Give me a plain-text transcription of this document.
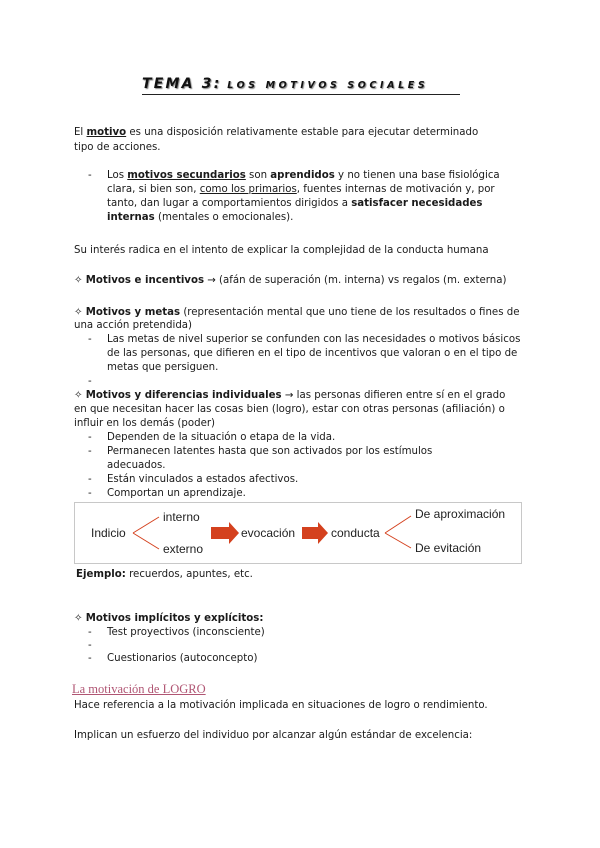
TEMA 3: LOS MOTIVOS SOCIALES
El motivo es una disposición relativamente estable para ejecutar determinado
tipo de acciones.
-	Los motivos secundarios son aprendidos y no tienen una base fisiológica
clara, si bien son, como los primarios, fuentes internas de motivación y, por
tanto, dan lugar a comportamientos dirigidos a satisfacer necesidades
internas (mentales o emocionales).
Su interés radica en el intento de explicar la complejidad de la conducta humana
✧ Motivos e incentivos → (afán de superación (m. interna) vs regalos (m. externa)
✧ Motivos y metas (representación mental que uno tiene de los resultados o fines de
una acción pretendida)
-	Las metas de nivel superior se confunden con las necesidades o motivos básicos
de las personas, que difieren en el tipo de incentivos que valoran o en el tipo de
metas que persiguen.
-
✧ Motivos y diferencias individuales → las personas difieren entre sí en el grado
en que necesitan hacer las cosas bien (logro), estar con otras personas (afiliación) o
influir en los demás (poder)
-	Dependen de la situación o etapa de la vida.
-	Permanecen latentes hasta que son activados por los estímulos
adecuados.
-	Están vinculados a estados afectivos.
-	Comportan un aprendizaje.
Indicio
interno
externo
evocación	conducta
De aproximación
De evitación
Ejemplo: recuerdos, apuntes, etc.
✧ Motivos implícitos y explícitos:
-	Test proyectivos (inconsciente)
-
-	Cuestionarios (autoconcepto)
La motivación de LOGRO
Hace referencia a la motivación implicada en situaciones de logro o rendimiento.
Implican un esfuerzo del individuo por alcanzar algún estándar de excelencia:
